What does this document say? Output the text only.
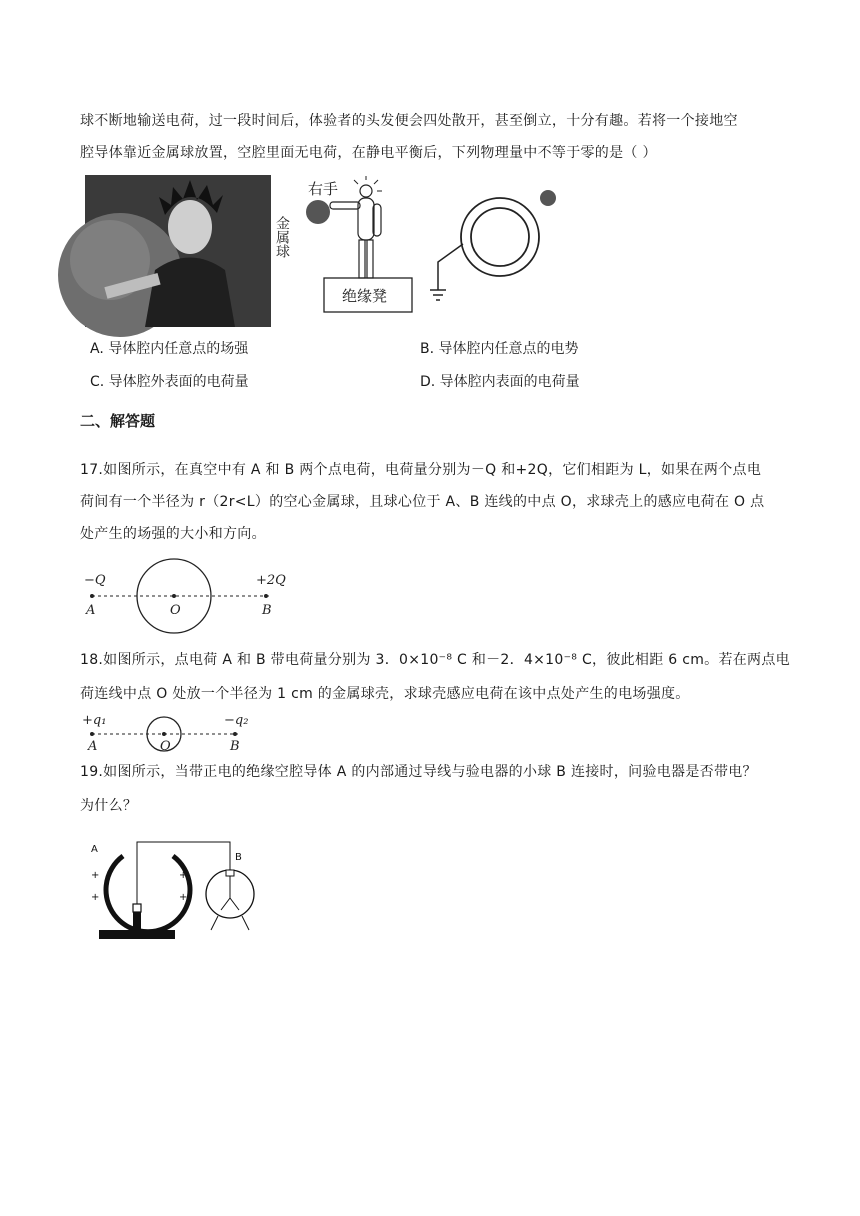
球不断地输送电荷，过一段时间后，体验者的头发便会四处散开，甚至倒立，十分有趣。若将一个接地空
腔导体靠近金属球放置，空腔里面无电荷，在静电平衡后，下列物理量中不等于零的是（ ）
右手
金属球
绝缘凳
A. 导体腔内任意点的场强	B. 导体腔内任意点的电势
C. 导体腔外表面的电荷量	D. 导体腔内表面的电荷量
二、解答题
17.如图所示，在真空中有 A 和 B 两个点电荷，电荷量分别为－Q 和+2Q，它们相距为 L，如果在两个点电
荷间有一个半径为 r（2r<L）的空心金属球，且球心位于 A、B 连线的中点 O，求球壳上的感应电荷在 O 点
处产生的场强的大小和方向。
−Q	+2Q
A	O	B
18.如图所示，点电荷 A 和 B 带电荷量分别为 3．0×10⁻⁸ C 和－2．4×10⁻⁸ C，彼此相距 6 cm。若在两点电
荷连线中点 O 处放一个半径为 1 cm 的金属球壳，求球壳感应电荷在该中点处产生的电场强度。
+q₁	−q₂
A	O	B
19.如图所示，当带正电的绝缘空腔导体 A 的内部通过导线与验电器的小球 B 连接时，问验电器是否带电？
为什么？
A
B
+
+
+
+
